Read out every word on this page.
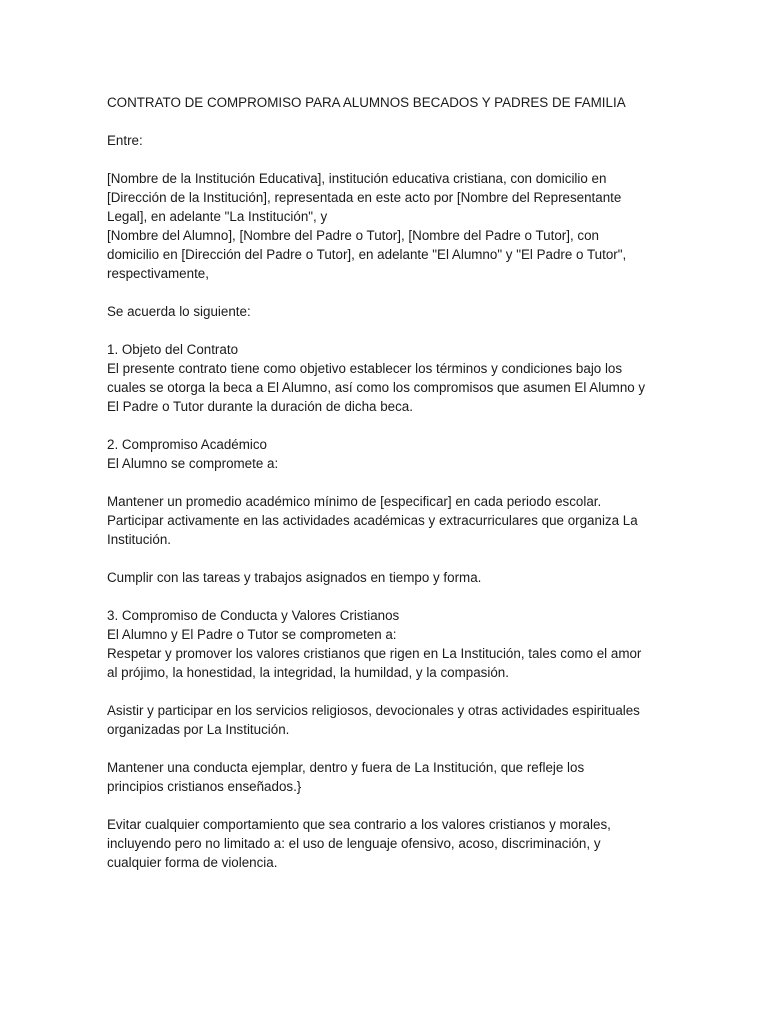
CONTRATO DE COMPROMISO PARA ALUMNOS BECADOS Y PADRES DE FAMILIA
Entre:
[Nombre de la Institución Educativa], institución educativa cristiana, con domicilio en
[Dirección de la Institución], representada en este acto por [Nombre del Representante
Legal], en adelante "La Institución", y
[Nombre del Alumno], [Nombre del Padre o Tutor], [Nombre del Padre o Tutor], con
domicilio en [Dirección del Padre o Tutor], en adelante "El Alumno" y "El Padre o Tutor",
respectivamente,
Se acuerda lo siguiente:
1. Objeto del Contrato
El presente contrato tiene como objetivo establecer los términos y condiciones bajo los
cuales se otorga la beca a El Alumno, así como los compromisos que asumen El Alumno y
El Padre o Tutor durante la duración de dicha beca.
2. Compromiso Académico
El Alumno se compromete a:
Mantener un promedio académico mínimo de [especificar] en cada periodo escolar.
Participar activamente en las actividades académicas y extracurriculares que organiza La
Institución.
Cumplir con las tareas y trabajos asignados en tiempo y forma.
3. Compromiso de Conducta y Valores Cristianos
El Alumno y El Padre o Tutor se comprometen a:
Respetar y promover los valores cristianos que rigen en La Institución, tales como el amor
al prójimo, la honestidad, la integridad, la humildad, y la compasión.
Asistir y participar en los servicios religiosos, devocionales y otras actividades espirituales
organizadas por La Institución.
Mantener una conducta ejemplar, dentro y fuera de La Institución, que refleje los
principios cristianos enseñados.}
Evitar cualquier comportamiento que sea contrario a los valores cristianos y morales,
incluyendo pero no limitado a: el uso de lenguaje ofensivo, acoso, discriminación, y
cualquier forma de violencia.
